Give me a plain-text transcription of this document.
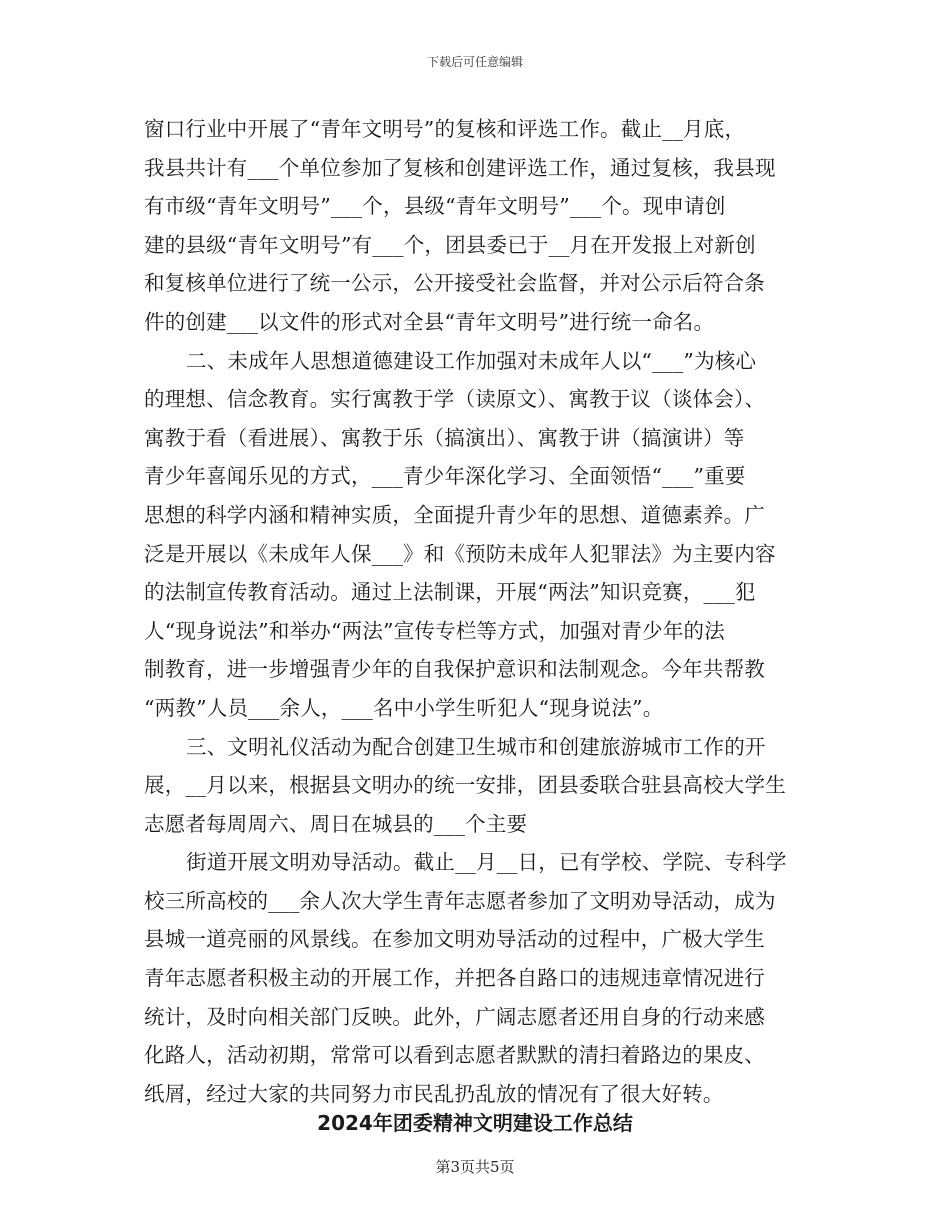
下载后可任意编辑
窗口行业中开展了“青年文明号”的复核和评选工作。截止__月底，
我县共计有___个单位参加了复核和创建评选工作，通过复核，我县现
有市级“青年文明号”___个，县级“青年文明号”___个。现申请创
建的县级“青年文明号”有___个，团县委已于__月在开发报上对新创
和复核单位进行了统一公示，公开接受社会监督，并对公示后符合条
件的创建___以文件的形式对全县“青年文明号”进行统一命名。
二、未成年人思想道德建设工作加强对未成年人以“___”为核心
的理想、信念教育。实行寓教于学（读原文）、寓教于议（谈体会）、
寓教于看（看进展）、寓教于乐（搞演出）、寓教于讲（搞演讲）等
青少年喜闻乐见的方式，___青少年深化学习、全面领悟“___”重要
思想的科学内涵和精神实质，全面提升青少年的思想、道德素养。广
泛是开展以《未成年人保___》和《预防未成年人犯罪法》为主要内容
的法制宣传教育活动。通过上法制课，开展“两法”知识竞赛，___犯
人“现身说法”和举办“两法”宣传专栏等方式，加强对青少年的法
制教育，进一步增强青少年的自我保护意识和法制观念。今年共帮教
“两教”人员___余人，___名中小学生听犯人“现身说法”。
三、文明礼仪活动为配合创建卫生城市和创建旅游城市工作的开
展，__月以来，根据县文明办的统一安排，团县委联合驻县高校大学生
志愿者每周周六、周日在城县的___个主要
街道开展文明劝导活动。截止__月__日，已有学校、学院、专科学
校三所高校的___余人次大学生青年志愿者参加了文明劝导活动，成为
县城一道亮丽的风景线。在参加文明劝导活动的过程中，广极大学生
青年志愿者积极主动的开展工作，并把各自路口的违规违章情况进行
统计，及时向相关部门反映。此外，广阔志愿者还用自身的行动来感
化路人，活动初期，常常可以看到志愿者默默的清扫着路边的果皮、
纸屑，经过大家的共同努力市民乱扔乱放的情况有了很大好转。
2024年团委精神文明建设工作总结
第3页共5页
